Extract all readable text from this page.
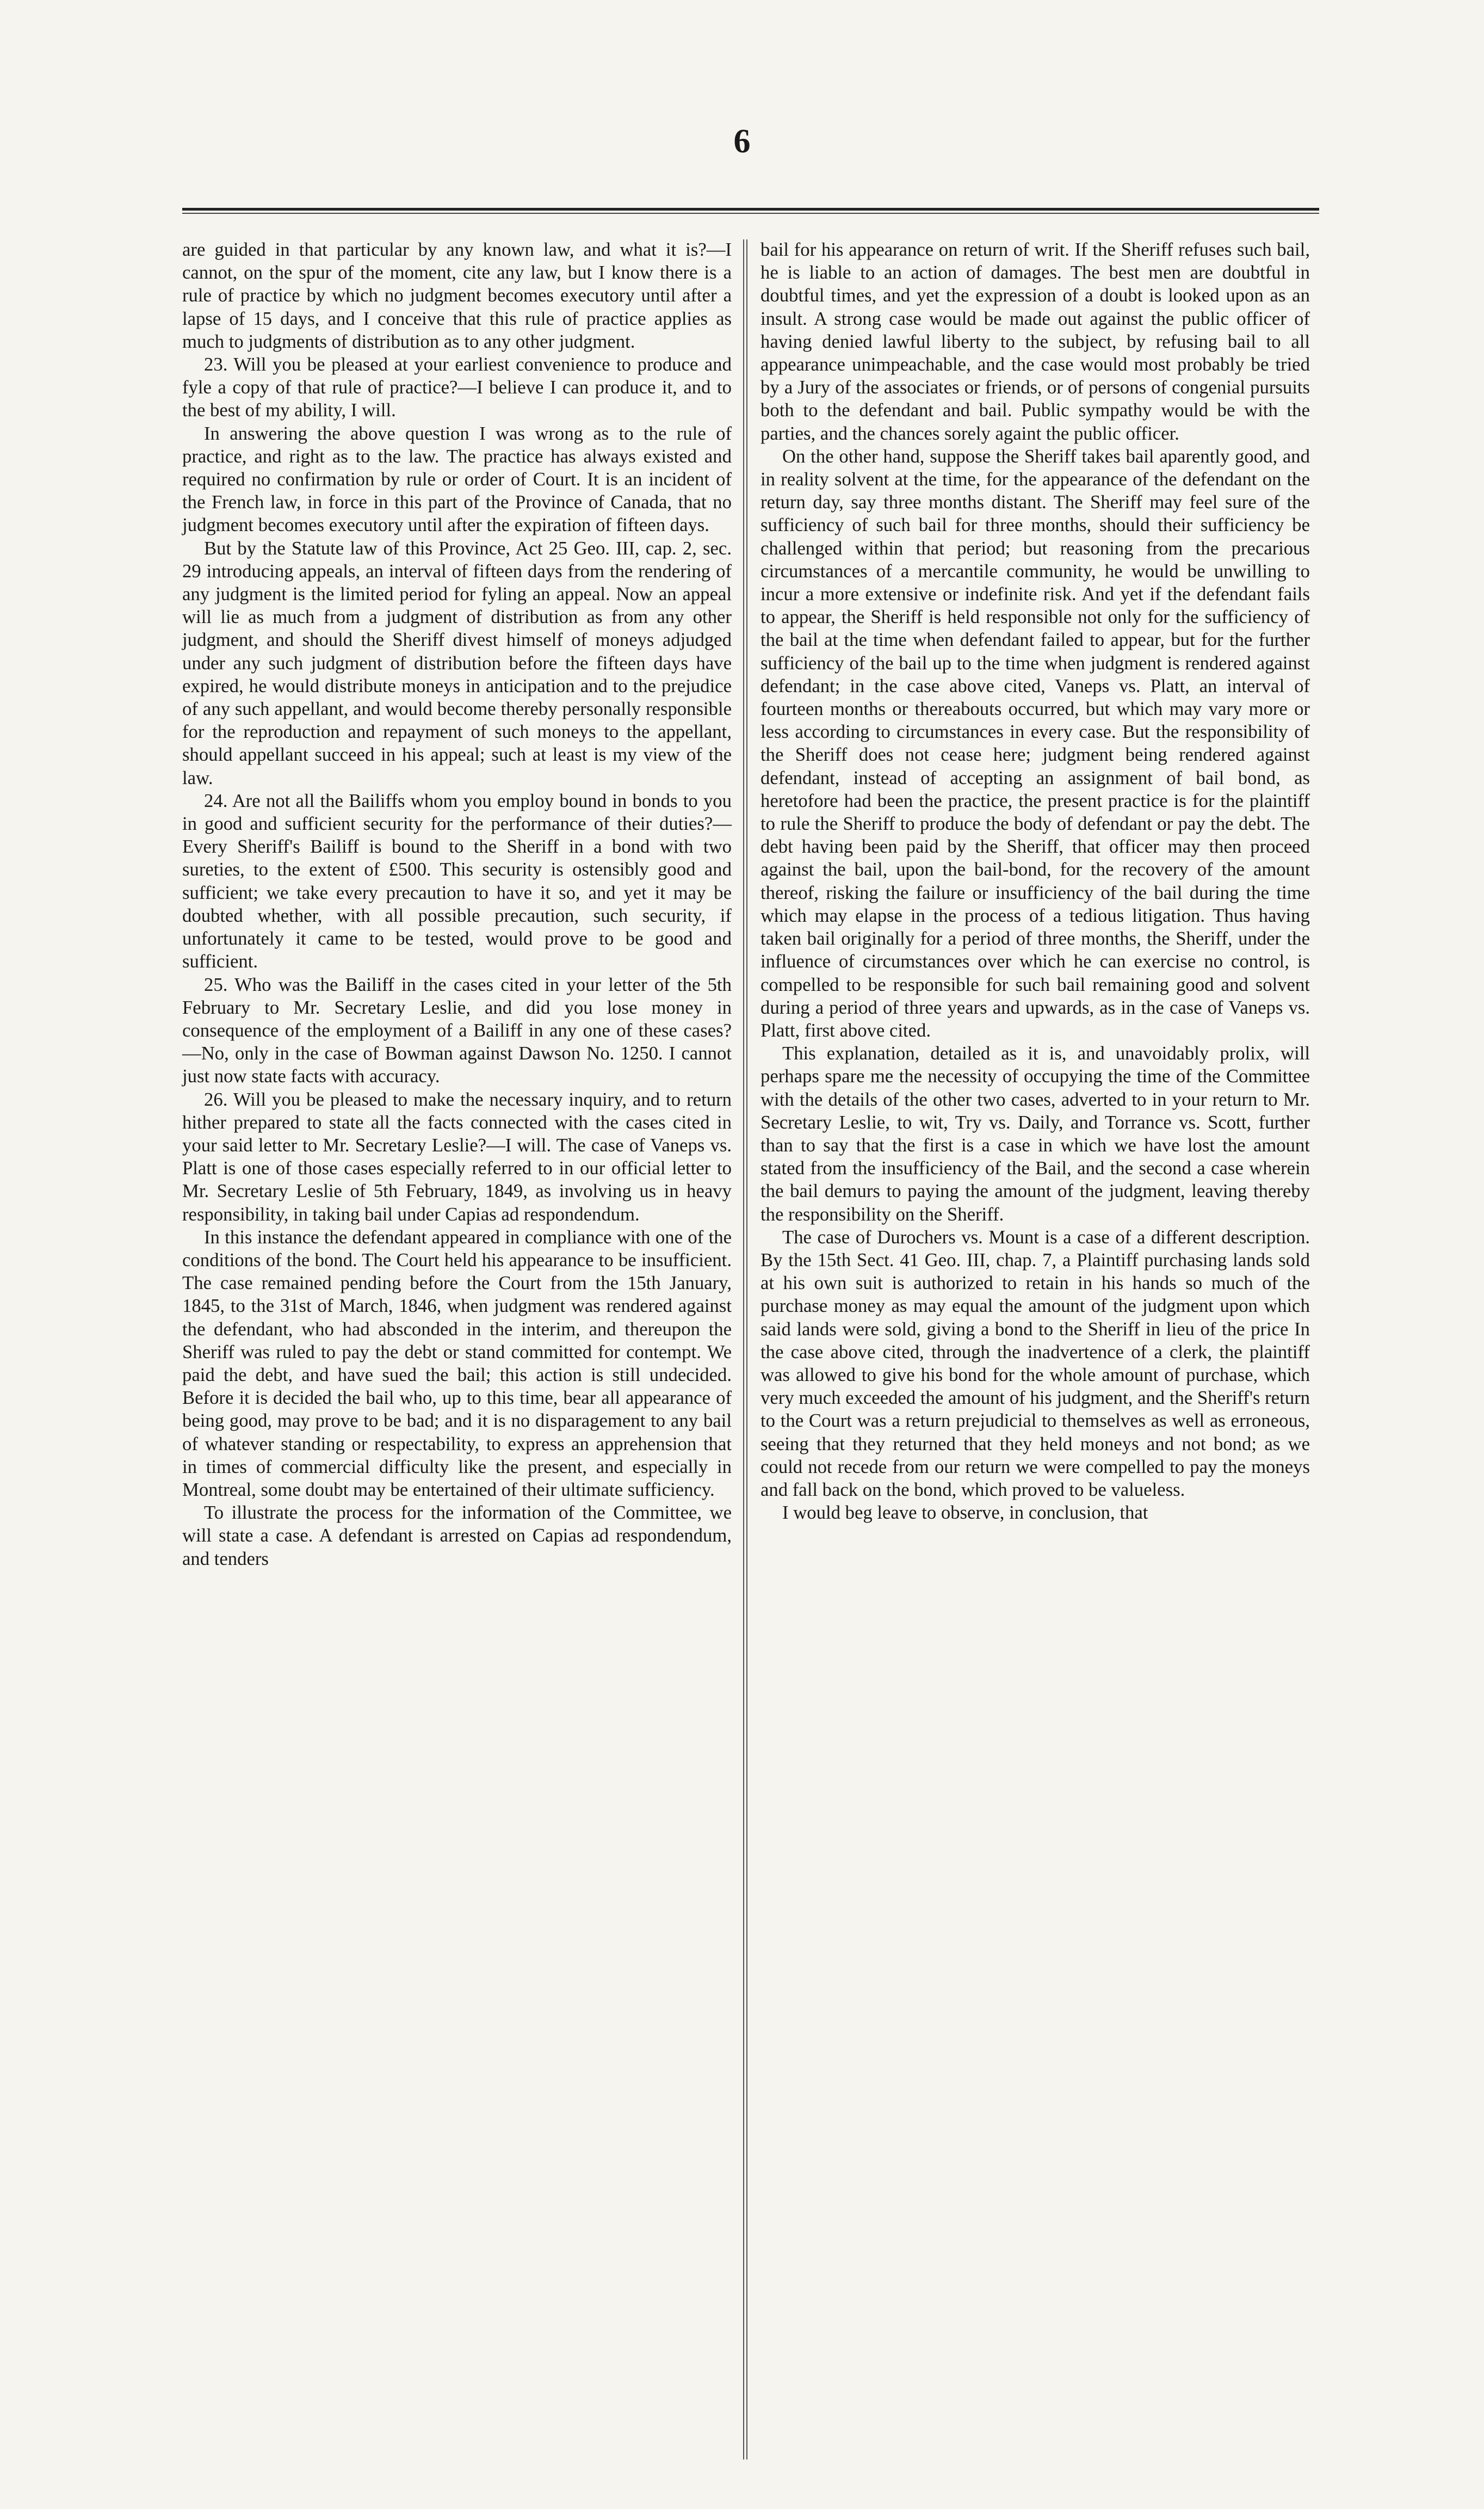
6

are guided in that particular by any known law, and what it is?—I cannot, on the spur of the moment, cite any law, but I know there is a rule of practice by which no judgment becomes executory until after a lapse of 15 days, and I conceive that this rule of practice applies as much to judgments of distribution as to any other judgment.

23. Will you be pleased at your earliest convenience to produce and fyle a copy of that rule of practice?—I believe I can produce it, and to the best of my ability, I will.

In answering the above question I was wrong as to the rule of practice, and right as to the law. The practice has always existed and required no confirmation by rule or order of Court. It is an incident of the French law, in force in this part of the Province of Canada, that no judgment becomes executory until after the expiration of fifteen days.

But by the Statute law of this Province, Act 25 Geo. III, cap. 2, sec. 29 introducing appeals, an interval of fifteen days from the rendering of any judgment is the limited period for fyling an appeal. Now an appeal will lie as much from a judgment of distribution as from any other judgment, and should the Sheriff divest himself of moneys adjudged under any such judgment of distribution before the fifteen days have expired, he would distribute moneys in anticipation and to the prejudice of any such appellant, and would become thereby personally responsible for the reproduction and repayment of such moneys to the appellant, should appellant succeed in his appeal; such at least is my view of the law.

24. Are not all the Bailiffs whom you employ bound in bonds to you in good and sufficient security for the performance of their duties?—Every Sheriff's Bailiff is bound to the Sheriff in a bond with two sureties, to the extent of £500. This security is ostensibly good and sufficient; we take every precaution to have it so, and yet it may be doubted whether, with all possible precaution, such security, if unfortunately it came to be tested, would prove to be good and sufficient.

25. Who was the Bailiff in the cases cited in your letter of the 5th February to Mr. Secretary Leslie, and did you lose money in consequence of the employment of a Bailiff in any one of these cases?—No, only in the case of Bowman against Dawson No. 1250. I cannot just now state facts with accuracy.

26. Will you be pleased to make the necessary inquiry, and to return hither prepared to state all the facts connected with the cases cited in your said letter to Mr. Secretary Leslie?—I will. The case of Vaneps vs. Platt is one of those cases especially referred to in our official letter to Mr. Secretary Leslie of 5th February, 1849, as involving us in heavy responsibility, in taking bail under Capias ad respondendum.

In this instance the defendant appeared in compliance with one of the conditions of the bond. The Court held his appearance to be insufficient. The case remained pending before the Court from the 15th January, 1845, to the 31st of March, 1846, when judgment was rendered against the defendant, who had absconded in the interim, and thereupon the Sheriff was ruled to pay the debt or stand committed for contempt. We paid the debt, and have sued the bail; this action is still undecided. Before it is decided the bail who, up to this time, bear all appearance of being good, may prove to be bad; and it is no disparagement to any bail of whatever standing or respectability, to express an apprehension that in times of commercial difficulty like the present, and especially in Montreal, some doubt may be entertained of their ultimate sufficiency.

To illustrate the process for the information of the Committee, we will state a case. A defendant is arrested on Capias ad respondendum, and tenders

bail for his appearance on return of writ. If the Sheriff refuses such bail, he is liable to an action of damages. The best men are doubtful in doubtful times, and yet the expression of a doubt is looked upon as an insult. A strong case would be made out against the public officer of having denied lawful liberty to the subject, by refusing bail to all appearance unimpeachable, and the case would most probably be tried by a Jury of the associates or friends, or of persons of congenial pursuits both to the defendant and bail. Public sympathy would be with the parties, and the chances sorely againt the public officer.

On the other hand, suppose the Sheriff takes bail aparently good, and in reality solvent at the time, for the appearance of the defendant on the return day, say three months distant. The Sheriff may feel sure of the sufficiency of such bail for three months, should their sufficiency be challenged within that period; but reasoning from the precarious circumstances of a mercantile community, he would be unwilling to incur a more extensive or indefinite risk. And yet if the defendant fails to appear, the Sheriff is held responsible not only for the sufficiency of the bail at the time when defendant failed to appear, but for the further sufficiency of the bail up to the time when judgment is rendered against defendant; in the case above cited, Vaneps vs. Platt, an interval of fourteen months or thereabouts occurred, but which may vary more or less according to circumstances in every case. But the responsibility of the Sheriff does not cease here; judgment being rendered against defendant, instead of accepting an assignment of bail bond, as heretofore had been the practice, the present practice is for the plaintiff to rule the Sheriff to produce the body of defendant or pay the debt. The debt having been paid by the Sheriff, that officer may then proceed against the bail, upon the bail-bond, for the recovery of the amount thereof, risking the failure or insufficiency of the bail during the time which may elapse in the process of a tedious litigation. Thus having taken bail originally for a period of three months, the Sheriff, under the influence of circumstances over which he can exercise no control, is compelled to be responsible for such bail remaining good and solvent during a period of three years and upwards, as in the case of Vaneps vs. Platt, first above cited.

This explanation, detailed as it is, and unavoidably prolix, will perhaps spare me the necessity of occupying the time of the Committee with the details of the other two cases, adverted to in your return to Mr. Secretary Leslie, to wit, Try vs. Daily, and Torrance vs. Scott, further than to say that the first is a case in which we have lost the amount stated from the insufficiency of the Bail, and the second a case wherein the bail demurs to paying the amount of the judgment, leaving thereby the responsibility on the Sheriff.

The case of Durochers vs. Mount is a case of a different description. By the 15th Sect. 41 Geo. III, chap. 7, a Plaintiff purchasing lands sold at his own suit is authorized to retain in his hands so much of the purchase money as may equal the amount of the judgment upon which said lands were sold, giving a bond to the Sheriff in lieu of the price In the case above cited, through the inadvertence of a clerk, the plaintiff was allowed to give his bond for the whole amount of purchase, which very much exceeded the amount of his judgment, and the Sheriff's return to the Court was a return prejudicial to themselves as well as erroneous, seeing that they returned that they held moneys and not bond; as we could not recede from our return we were compelled to pay the moneys and fall back on the bond, which proved to be valueless.

I would beg leave to observe, in conclusion, that
